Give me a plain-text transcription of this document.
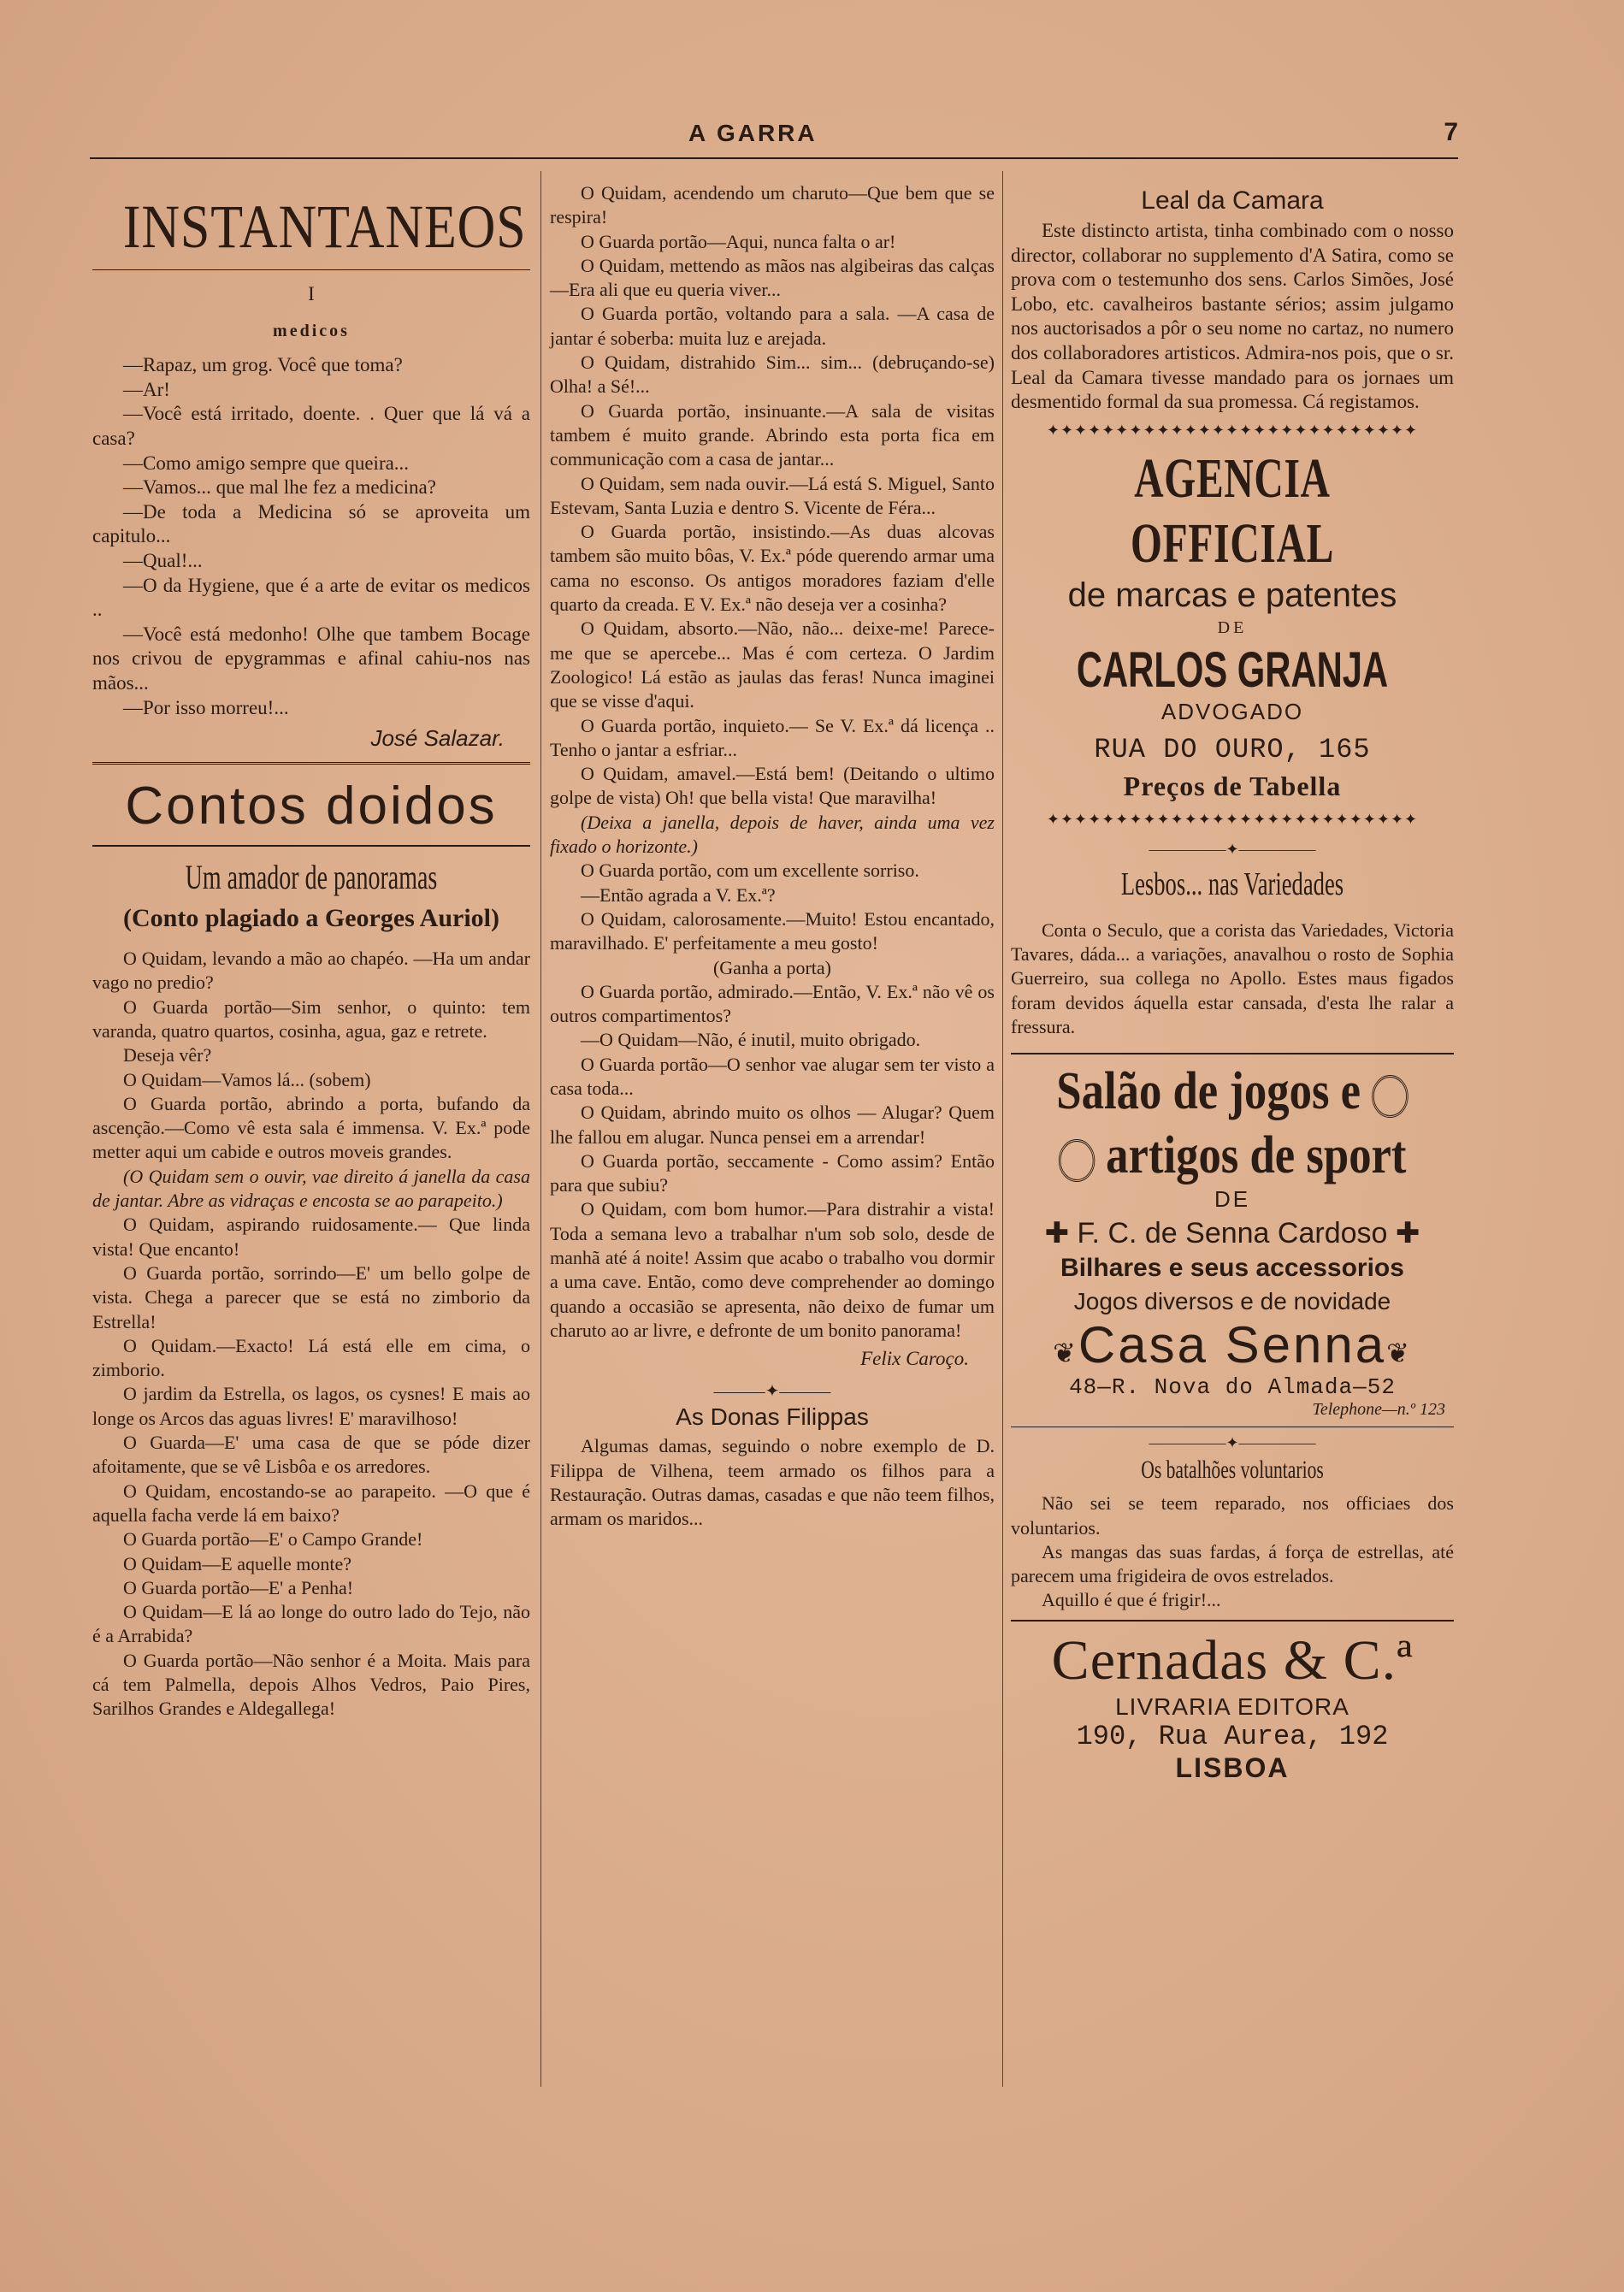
A GARRA	7
INSTANTANEOS

I

medicos

—Rapaz, um grog. Você que toma?

—Ar!

—Você está irritado, doente. . Quer que lá vá a casa?

—Como amigo sempre que queira...

—Vamos... que mal lhe fez a medicina?

—De toda a Medicina só se aproveita um capitulo...

—Qual!...

—O da Hygiene, que é a arte de evitar os medicos ..

—Você está medonho! Olhe que tambem Bocage nos crivou de epygrammas e afinal cahiu-nos nas mãos...

—Por isso morreu!...

José Salazar.
Contos doidos
Um amador de panoramas
(Conto plagiado a Georges Auriol)

O Quidam, levando a mão ao chapéo. —Ha um andar vago no predio?

O Guarda portão—Sim senhor, o quinto: tem varanda, quatro quartos, cosinha, agua, gaz e retrete.

Deseja vêr?

O Quidam—Vamos lá... (sobem)

O Guarda portão, abrindo a porta, bufando da ascenção.—Como vê esta sala é immensa. V. Ex.ª pode metter aqui um cabide e outros moveis grandes.

(O Quidam sem o ouvir, vae direito á janella da casa de jantar. Abre as vidraças e encosta se ao parapeito.)

O Quidam, aspirando ruidosamente.— Que linda vista! Que encanto!

O Guarda portão, sorrindo—E' um bello golpe de vista. Chega a parecer que se está no zimborio da Estrella!

O Quidam.—Exacto! Lá está elle em cima, o zimborio.

O jardim da Estrella, os lagos, os cysnes! E mais ao longe os Arcos das aguas livres! E' maravilhoso!

O Guarda—E' uma casa de que se póde dizer afoitamente, que se vê Lisbôa e os arredores.

O Quidam, encostando-se ao parapeito. —O que é aquella facha verde lá em baixo?

O Guarda portão—E' o Campo Grande!

O Quidam—E aquelle monte?

O Guarda portão—E' a Penha!

O Quidam—E lá ao longe do outro lado do Tejo, não é a Arrabida?

O Guarda portão—Não senhor é a Moita. Mais para cá tem Palmella, depois Alhos Vedros, Paio Pires, Sarilhos Grandes e Aldegallega!

O Quidam, acendendo um charuto—Que bem que se respira!

O Guarda portão—Aqui, nunca falta o ar!

O Quidam, mettendo as mãos nas algibeiras das calças—Era ali que eu queria viver...

O Guarda portão, voltando para a sala. —A casa de jantar é soberba: muita luz e arejada.

O Quidam, distrahido Sim... sim... (debruçando-se) Olha! a Sé!...

O Guarda portão, insinuante.—A sala de visitas tambem é muito grande. Abrindo esta porta fica em communicação com a casa de jantar...

O Quidam, sem nada ouvir.—Lá está S. Miguel, Santo Estevam, Santa Luzia e dentro S. Vicente de Féra...

O Guarda portão, insistindo.—As duas alcovas tambem são muito bôas, V. Ex.ª póde querendo armar uma cama no esconso. Os antigos moradores faziam d'elle quarto da creada. E V. Ex.ª não deseja ver a cosinha?

O Quidam, absorto.—Não, não... deixe-me! Parece-me que se apercebe... Mas é com certeza. O Jardim Zoologico! Lá estão as jaulas das feras! Nunca imaginei que se visse d'aqui.

O Guarda portão, inquieto.— Se V. Ex.ª dá licença .. Tenho o jantar a esfriar...

O Quidam, amavel.—Está bem! (Deitando o ultimo golpe de vista) Oh! que bella vista! Que maravilha!

(Deixa a janella, depois de haver, ainda uma vez fixado o horizonte.)

O Guarda portão, com um excellente sorriso.

—Então agrada a V. Ex.ª?

O Quidam, calorosamente.—Muito! Estou encantado, maravilhado. E' perfeitamente a meu gosto!

(Ganha a porta)

O Guarda portão, admirado.—Então, V. Ex.ª não vê os outros compartimentos?

—O Quidam—Não, é inutil, muito obrigado.

O Guarda portão—O senhor vae alugar sem ter visto a casa toda...

O Quidam, abrindo muito os olhos — Alugar? Quem lhe fallou em alugar. Nunca pensei em a arrendar!

O Guarda portão, seccamente - Como assim? Então para que subiu?

O Quidam, com bom humor.—Para distrahir a vista! Toda a semana levo a trabalhar n'um sob solo, desde de manhã até á noite! Assim que acabo o trabalho vou dormir a uma cave. Então, como deve comprehender ao domingo quando a occasião se apresenta, não deixo de fumar um charuto ao ar livre, e defronte de um bonito panorama!

Felix Caroço.
———✦———
As Donas Filippas

Algumas damas, seguindo o nobre exemplo de D. Filippa de Vilhena, teem armado os filhos para a Restauração. Outras damas, casadas e que não teem filhos, armam os maridos...

Leal da Camara

Este distincto artista, tinha combinado com o nosso director, collaborar no supplemento d'A Satira, como se prova com o testemunho dos sens. Carlos Simões, José Lobo, etc. cavalheiros bastante sérios; assim julgamo nos auctorisados a pôr o seu nome no cartaz, no numero dos collaboradores artisticos. Admira-nos pois, que o sr. Leal da Camara tivesse mandado para os jornaes um desmentido formal da sua promessa. Cá registamos.

✦✦✦✦✦✦✦✦✦✦✦✦✦✦✦✦✦✦✦✦✦✦✦✦✦✦✦
AGENCIA OFFICIAL
de marcas e patentes
DE
CARLOS GRANJA
ADVOGADO
RUA DO OURO, 165
Preços de Tabella
✦✦✦✦✦✦✦✦✦✦✦✦✦✦✦✦✦✦✦✦✦✦✦✦✦✦✦
—————✦—————
Lesbos... nas Variedades

Conta o Seculo, que a corista das Variedades, Victoria Tavares, dáda... a variações, anavalhou o rosto de Sophia Guerreiro, sua collega no Apollo. Estes maus figados foram devidos áquella estar cansada, d'esta lhe ralar a fressura.

Salão de jogos e
artigos de sport
DE
✚ F. C. de Senna Cardoso ✚
Bilhares e seus accessorios
Jogos diversos e de novidade
❦Casa Senna❦
48—R. Nova do Almada—52
Telephone—n.º 123
—————✦—————
Os batalhões voluntarios

Não sei se teem reparado, nos officiaes dos voluntarios.

As mangas das suas fardas, á força de estrellas, até parecem uma frigideira de ovos estrelados.

Aquillo é que é frigir!...

Cernadas & C.ª
LIVRARIA EDITORA
190, Rua Aurea, 192
LISBOA
